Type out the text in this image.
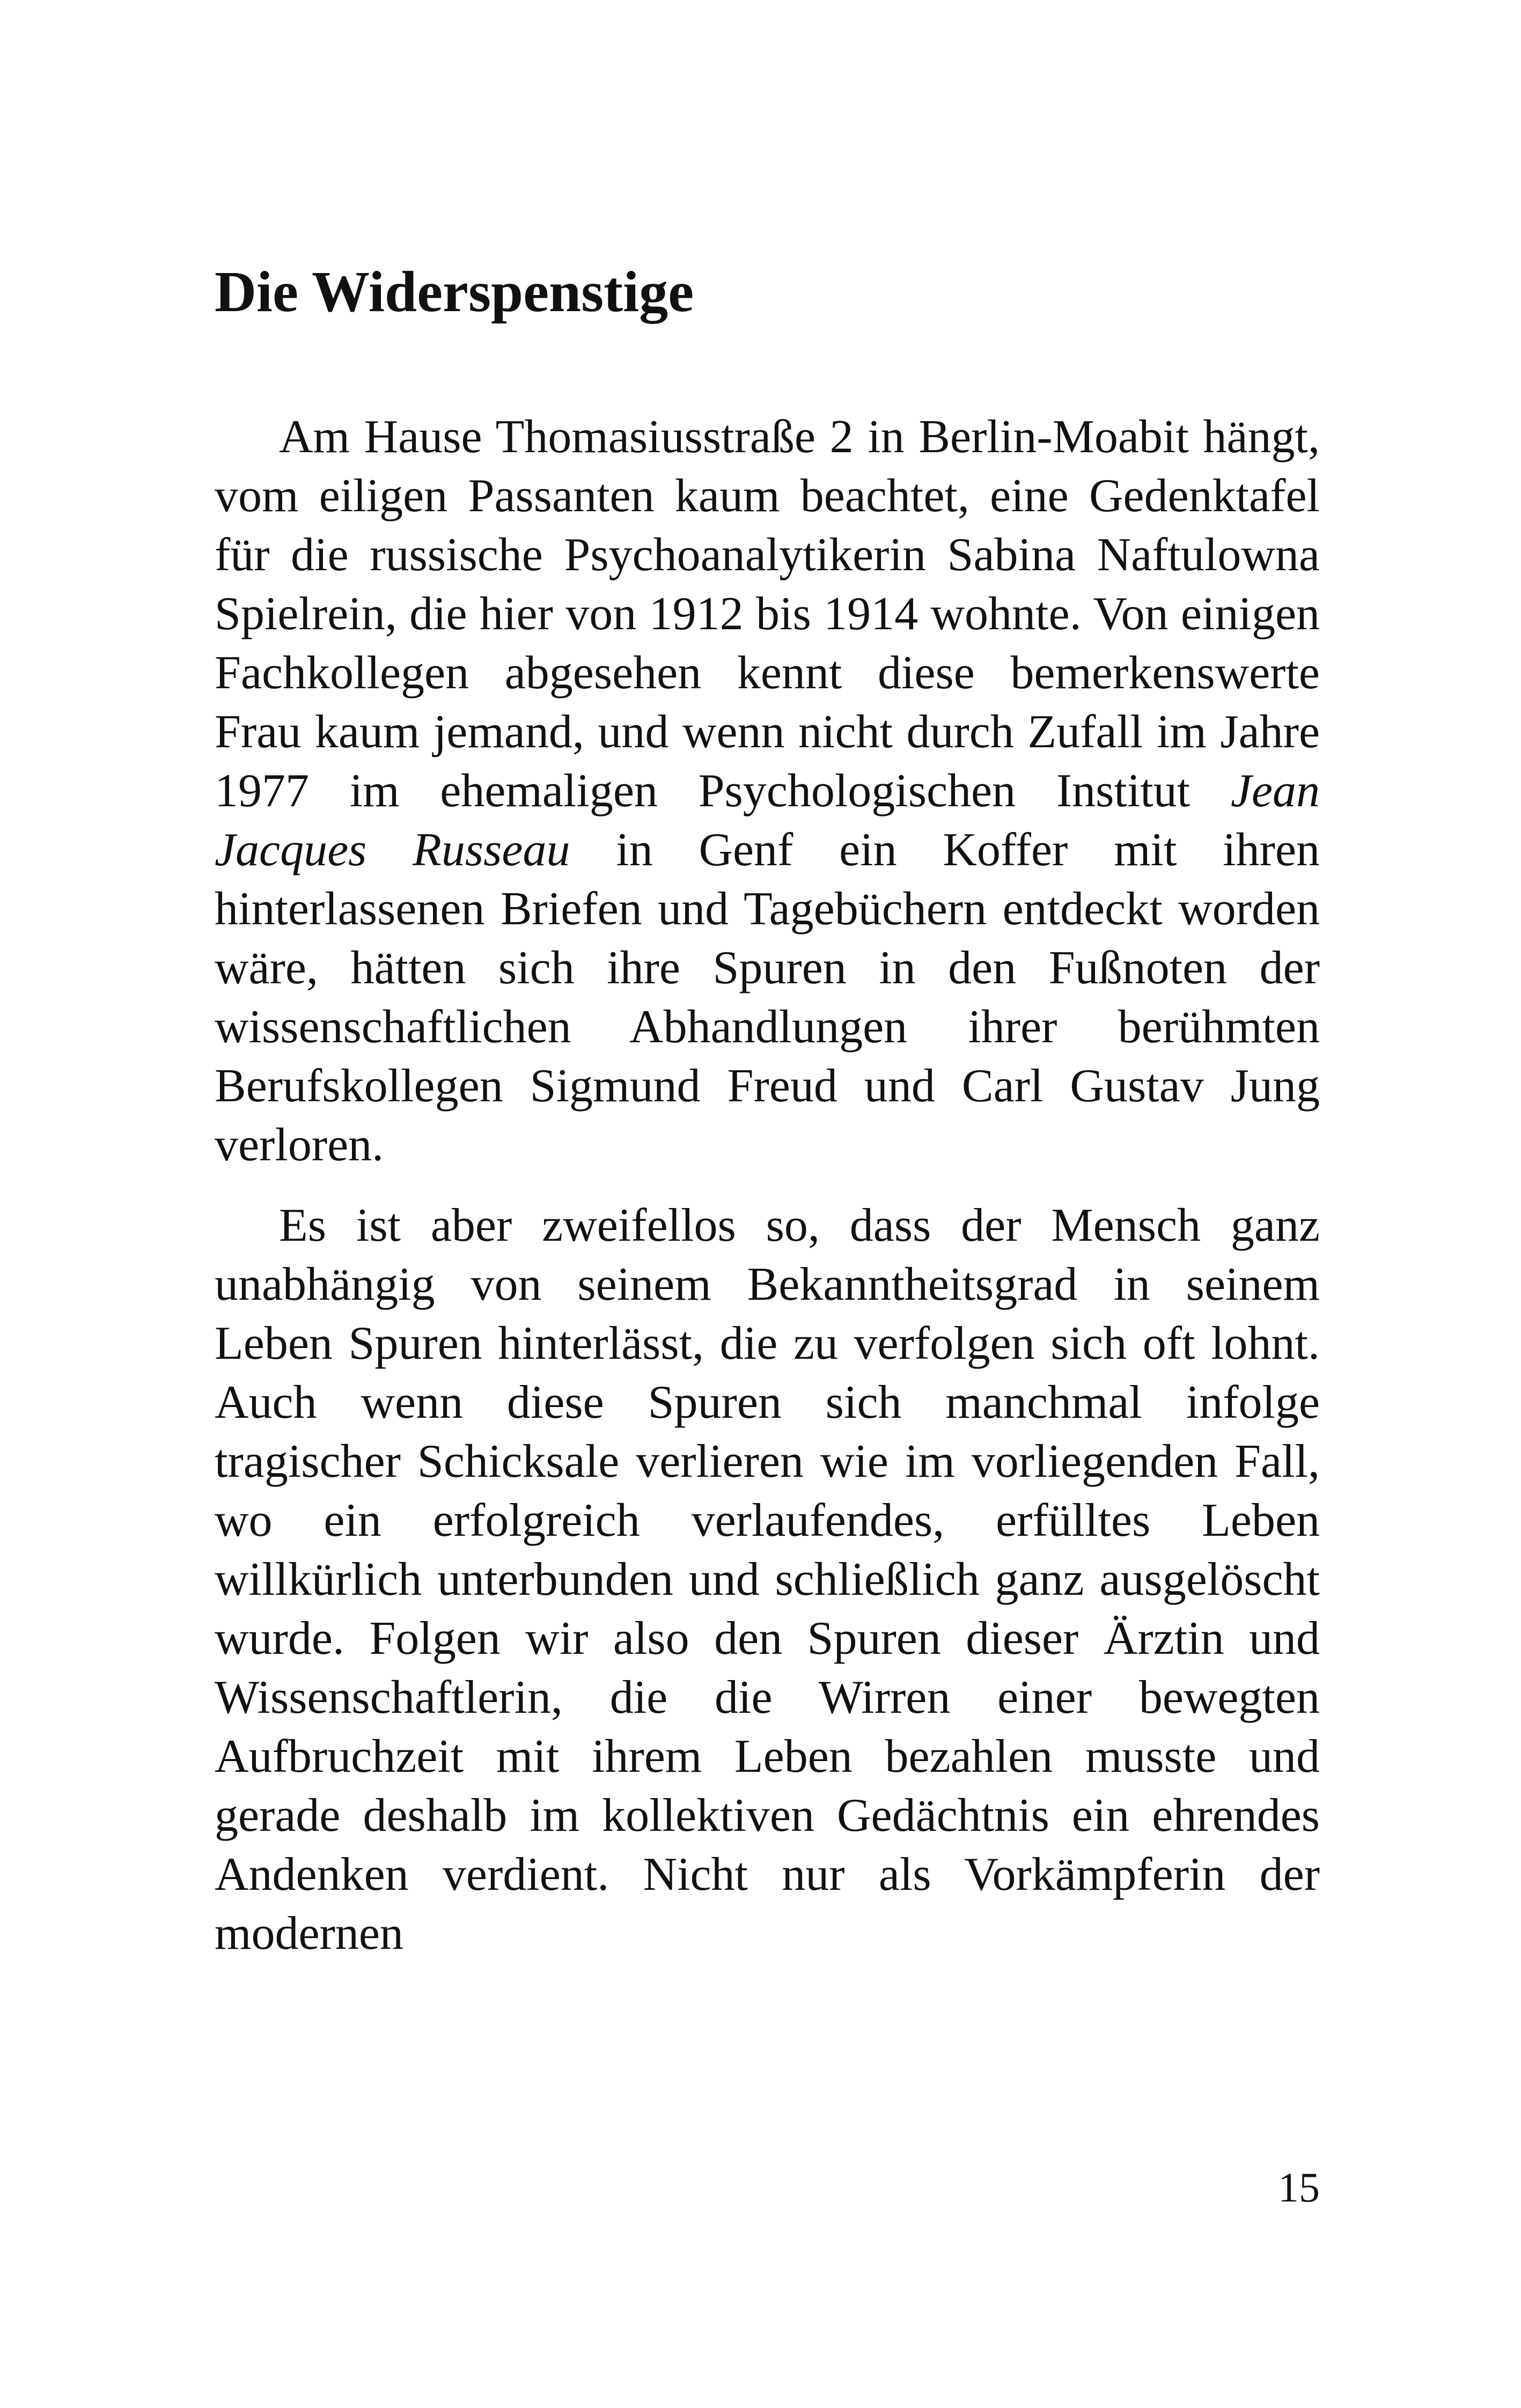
Die Widerspenstige

Am Hause Thomasiusstraße 2 in Berlin-Moabit hängt, vom eiligen Passanten kaum beachtet, eine Gedenktafel für die russische Psychoanalytikerin Sabina Naftulowna Spielrein, die hier von 1912 bis 1914 wohnte. Von einigen Fachkollegen abgesehen kennt diese bemerkenswerte Frau kaum jemand, und wenn nicht durch Zufall im Jahre 1977 im ehemaligen Psychologischen Institut Jean Jacques Russeau in Genf ein Koffer mit ihren hinterlassenen Briefen und Tagebüchern entdeckt worden wäre, hätten sich ihre Spuren in den Fußnoten der wissenschaftlichen Abhandlungen ihrer berühmten Berufskollegen Sigmund Freud und Carl Gustav Jung verloren.

Es ist aber zweifellos so, dass der Mensch ganz unabhängig von seinem Bekanntheitsgrad in seinem Leben Spuren hinterlässt, die zu verfolgen sich oft lohnt. Auch wenn diese Spuren sich manchmal infolge tragischer Schicksale verlieren wie im vorliegenden Fall, wo ein erfolgreich verlaufendes, erfülltes Leben willkürlich unterbunden und schließlich ganz ausgelöscht wurde. Folgen wir also den Spuren dieser Ärztin und Wissenschaftlerin, die die Wirren einer bewegten Aufbruchzeit mit ihrem Leben bezahlen musste und gerade deshalb im kollektiven Gedächtnis ein ehrendes Andenken verdient. Nicht nur als Vorkämpferin der modernen

15
